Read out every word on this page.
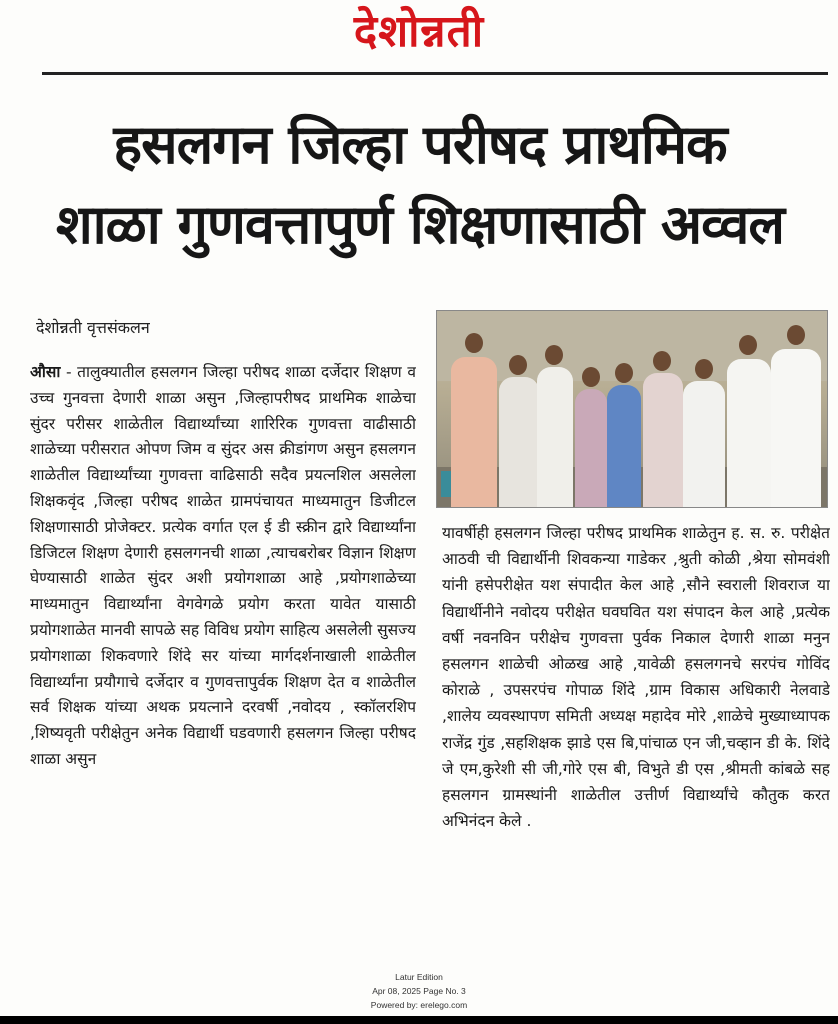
देशोन्नती
हसलगन जिल्हा परीषद प्राथमिक
शाळा गुणवत्तापुर्ण शिक्षणासाठी अव्वल
देशोन्नती वृत्तसंकलन
औसा - तालुक्यातील हसलगन जिल्हा परीषद शाळा दर्जेदार शिक्षण व उच्च गुनवत्ता देणारी शाळा असुन ,जिल्हापरीषद प्राथमिक शाळेचा सुंदर परीसर शाळेतील विद्यार्थ्यांच्या शारिरिक गुणवत्ता वाढीसाठी शाळेच्या परीसरात ओपण जिम व सुंदर अस क्रीडांगण असुन हसलगन शाळेतील विद्यार्थ्यांच्या गुणवत्ता वाढिसाठी सदैव प्रयत्नशिल असलेला शिक्षकवृंद ,जिल्हा परीषद शाळेत ग्रामपंचायत माध्यमातुन डिजीटल शिक्षणासाठी प्रोजेक्टर. प्रत्येक वर्गात एल ई डी स्क्रीन द्वारे विद्यार्थ्यांना डिजिटल शिक्षण देणारी हसलगनची शाळा ,त्याचबरोबर विज्ञान शिक्षण घेण्यासाठी शाळेत सुंदर अशी प्रयोगशाळा आहे ,प्रयोगशाळेच्या माध्यमातुन विद्यार्थ्यांना वेगवेगळे प्रयोग करता यावेत यासाठी प्रयोगशाळेत मानवी सापळे सह विविध प्रयोग साहित्य असलेली सुसज्य प्रयोगशाळा शिकवणारे शिंदे सर यांच्या मार्गदर्शनाखाली शाळेतील विद्यार्थ्यांना प्रयौगाचे दर्जेदार व गुणवत्तापुर्वक शिक्षण देत व शाळेतील सर्व शिक्षक यांच्या अथक प्रयत्नाने दरवर्षी ,नवोदय , स्कॉलरशिप ,शिष्यवृती परीक्षेतुन अनेक विद्यार्थी घडवणारी हसलगन जिल्हा परीषद शाळा असुन
यावर्षीही हसलगन जिल्हा परीषद प्राथमिक शाळेतुन ह. स. रु. परीक्षेत आठवी ची विद्यार्थीनी शिवकन्या गाडेकर ,श्रुती कोळी ,श्रेया सोमवंशी यांनी हसेपरीक्षेत यश संपादीत केल आहे ,सौने स्वराली शिवराज या विद्यार्थीनीने नवोदय परीक्षेत घवघवित यश संपादन केल आहे ,प्रत्येक वर्षी नवनविन परीक्षेच गुणवत्ता पुर्वक निकाल देणारी शाळा मनुन हसलगन शाळेची ओळख आहे ,यावेळी हसलगनचे सरपंच गोविंद कोराळे , उपसरपंच गोपाळ शिंदे ,ग्राम विकास अधिकारी नेलवाडे ,शालेय व्यवस्थापण समिती अध्यक्ष महादेव मोरे ,शाळेचे मुख्याध्यापक राजेंद्र गुंड ,सहशिक्षक झाडे एस बि,पांचाळ एन जी,चव्हान डी के. शिंदे जे एम,कुरेशी सी जी,गोरे एस बी, विभुते डी एस ,श्रीमती कांबळे सह हसलगन ग्रामस्थांनी शाळेतील उत्तीर्ण विद्यार्थ्यांचे कौतुक करत अभिनंदन केले .
Latur Edition
Apr 08, 2025 Page No. 3
Powered by: erelego.com
